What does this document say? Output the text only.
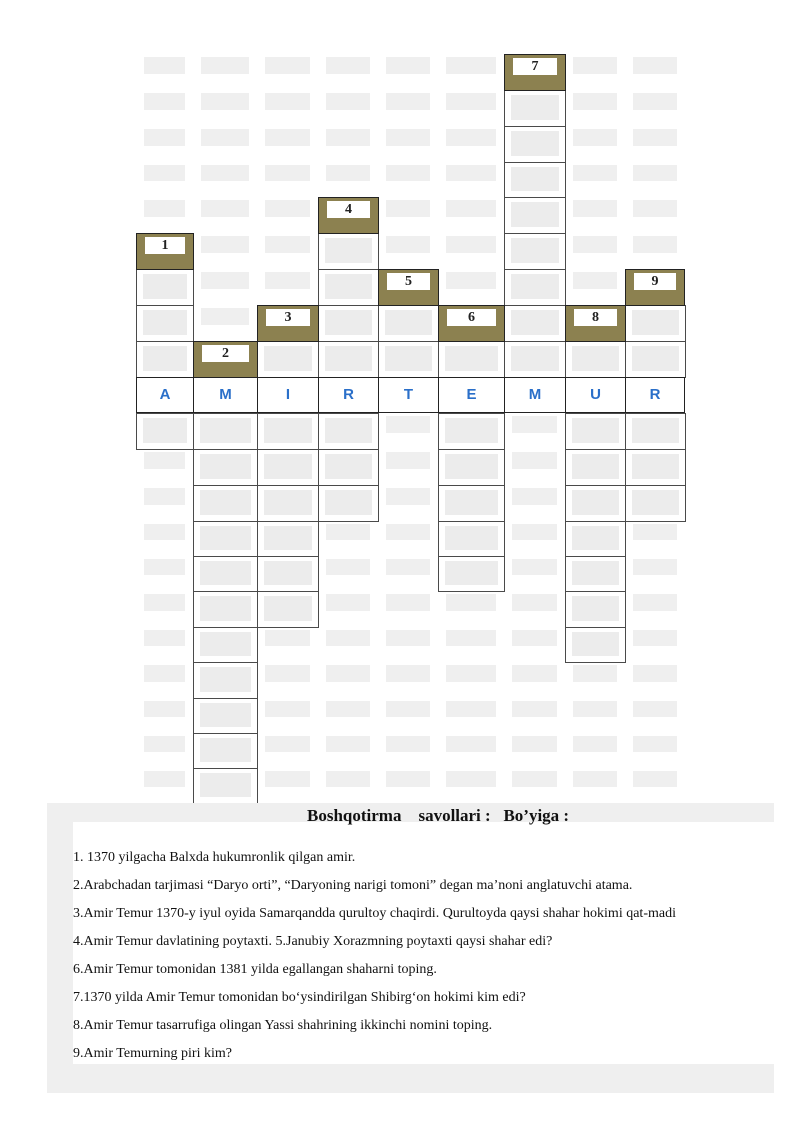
A	M	I	R	T	E	M	U	R
1
2
3
4
5
6
7
8
9
Boshqotirma    savollari :   Bo’yiga :
1. 1370 yilgacha Balxda hukumronlik qilgan amir.
2.Arabchadan tarjimasi “Daryo orti”, “Daryoning narigi tomoni” degan ma’noni anglatuvchi atama.
3.Amir Temur 1370-y iyul oyida Samarqandda qurultoy chaqirdi. Qurultoyda qaysi shahar hokimi qat-madi
4.Amir Temur davlatining poytaxti. 5.Janubiy Xorazmning poytaxti qaysi shahar edi?
6.Amir Temur tomonidan 1381 yilda egallangan shaharni toping.
7.1370 yilda Amir Temur tomonidan bo‘ysindirilgan Shibirg‘on hokimi kim edi?
8.Amir Temur tasarrufiga olingan Yassi shahrining ikkinchi nomini toping.
9.Amir Temurning piri kim?
